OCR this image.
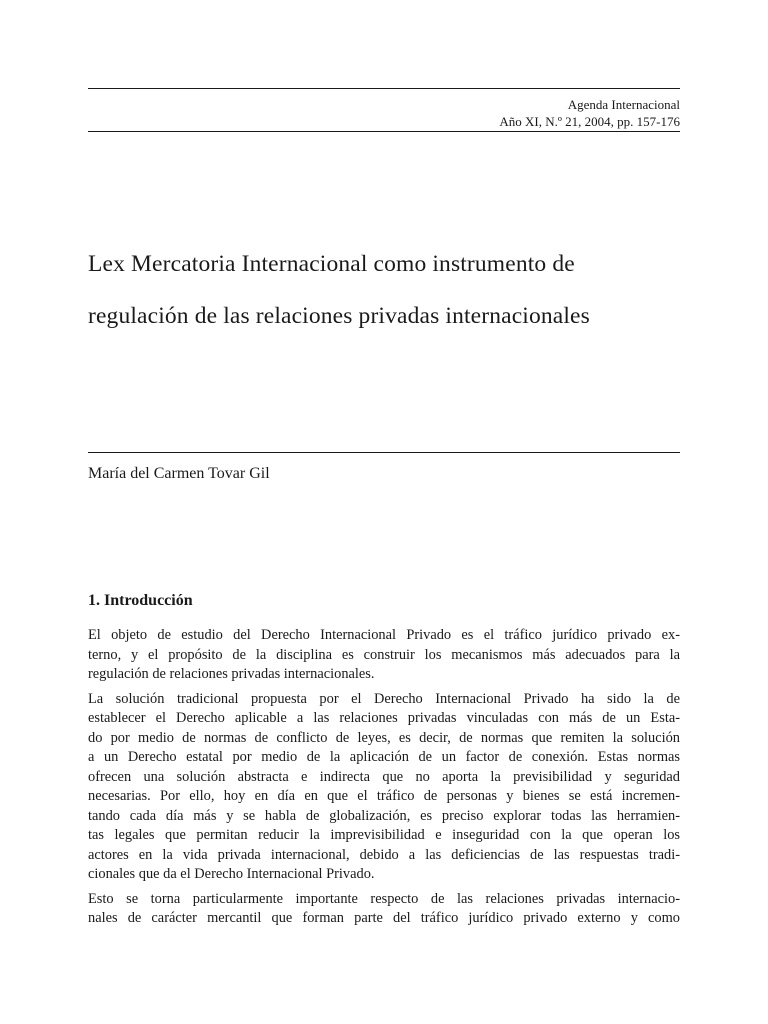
Agenda Internacional
Año XI, N.º 21, 2004, pp. 157-176
Lex Mercatoria Internacional como instrumento de
regulación de las relaciones privadas internacionales
María del Carmen Tovar Gil
1. Introducción

El objeto de estudio del Derecho Internacional Privado es el tráfico jurídico privado ex-
terno, y el propósito de la disciplina es construir los mecanismos más adecuados para la
regulación de relaciones privadas internacionales.

La solución tradicional propuesta por el Derecho Internacional Privado ha sido la de
establecer el Derecho aplicable a las relaciones privadas vinculadas con más de un Esta-
do por medio de normas de conflicto de leyes, es decir, de normas que remiten la solución
a un Derecho estatal por medio de la aplicación de un factor de conexión. Estas normas
ofrecen una solución abstracta e indirecta que no aporta la previsibilidad y seguridad
necesarias. Por ello, hoy en día en que el tráfico de personas y bienes se está incremen-
tando cada día más y se habla de globalización, es preciso explorar todas las herramien-
tas legales que permitan reducir la imprevisibilidad e inseguridad con la que operan los
actores en la vida privada internacional, debido a las deficiencias de las respuestas tradi-
cionales que da el Derecho Internacional Privado.

Esto se torna particularmente importante respecto de las relaciones privadas internacio-
nales de carácter mercantil que forman parte del tráfico jurídico privado externo y como
